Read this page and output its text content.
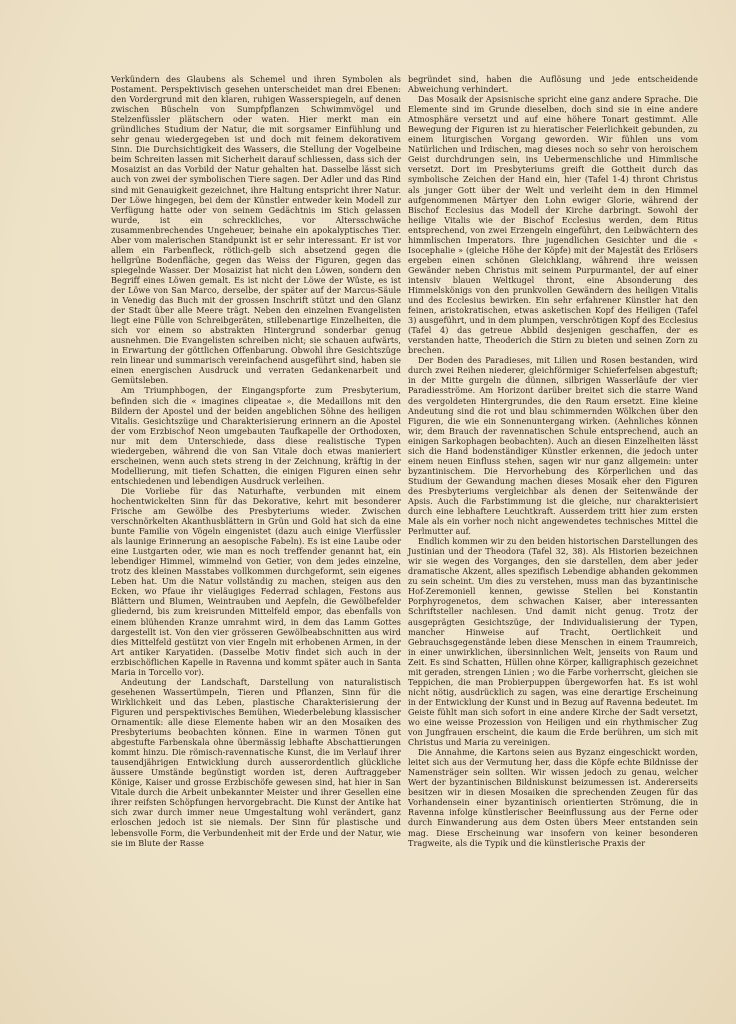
Verkündern des Glaubens als Schemel und ihren Symbolen als Postament. Perspektivisch gesehen unterscheidet man drei Ebenen: den Vordergrund mit den klaren, ruhigen Wasserspiegeln, auf denen zwischen Büscheln von Sumpfpflanzen Schwimmvögel und Stelzenfüssler plätschern oder waten. Hier merkt man ein gründliches Studium der Natur, die mit sorgsamer Einfühlung und sehr genau wiedergegeben ist und doch mit feinem dekorativem Sinn. Die Durchsichtigkeit des Wassers, die Stellung der Vogelbeine beim Schreiten lassen mit Sicherheit darauf schliessen, dass sich der Mosaizist an das Vorbild der Natur gehalten hat. Dasselbe lässt sich auch von zwei der symbolischen Tiere sagen. Der Adler und das Rind sind mit Genauigkeit gezeichnet, ihre Haltung entspricht ihrer Natur. Der Löwe hingegen, bei dem der Künstler entweder kein Modell zur Verfügung hatte oder von seinem Gedächtnis im Stich gelassen wurde, ist ein schreckliches, vor Altersschwäche zusammenbrechendes Ungeheuer, beinahe ein apokalyptisches Tier. Aber vom malerischen Standpunkt ist er sehr interessant. Er ist vor allem ein Farbenfleck, rötlich-gelb sich absetzend gegen die hellgrüne Bodenfläche, gegen das Weiss der Figuren, gegen das spiegelnde Wasser. Der Mosaizist hat nicht den Löwen, sondern den Begriff eines Löwen gemalt. Es ist nicht der Löwe der Wüste, es ist der Löwe von San Marco, derselbe, der später auf der Marcus-Säule in Venedig das Buch mit der grossen Inschrift stützt und den Glanz der Stadt über alle Meere trägt. Neben den einzelnen Evangelisten liegt eine Fülle von Schreibgeräten, stillebenartige Einzelheiten, die sich vor einem so abstrakten Hintergrund sonderbar genug ausnehmen. Die Evangelisten schreiben nicht; sie schauen aufwärts, in Erwartung der göttlichen Offenbarung. Obwohl ihre Gesichtszüge rein linear und summarisch vereinfachend ausgeführt sind, haben sie einen energischen Ausdruck und verraten Gedankenarbeit und Gemütsleben.

Am Triumphbogen, der Eingangspforte zum Presbyterium, befinden sich die « imagines clipeatae », die Medaillons mit den Bildern der Apostel und der beiden angeblichen Söhne des heiligen Vitalis. Gesichtszüge und Charakterisierung erinnern an die Apostel der vom Erzbischof Neon umgebauten Taufkapelle der Orthodoxen, nur mit dem Unterschiede, dass diese realistische Typen wiedergeben, während die von San Vitale doch etwas manieriert erscheinen, wenn auch stets streng in der Zeichnung, kräftig in der Modellierung, mit tiefen Schatten, die einigen Figuren einen sehr entschiedenen und lebendigen Ausdruck verleihen.

Die Vorliebe für das Naturhafte, verbunden mit einem hochentwickelten Sinn für das Dekorative, kehrt mit besonderer Frische am Gewölbe des Presbyteriums wieder. Zwischen verschnörkelten Akanthusblättern in Grün und Gold hat sich da eine bunte Familie von Vögeln eingenistet (dazu auch einige Vierfüssler als launige Erinnerung an aesopische Fabeln). Es ist eine Laube oder eine Lustgarten oder, wie man es noch treffender genannt hat, ein lebendiger Himmel, wimmelnd von Getier, von dem jedes einzelne, trotz des kleinen Masstabes vollkommen durchgeformt, sein eigenes Leben hat. Um die Natur vollständig zu machen, steigen aus den Ecken, wo Pfaue ihr vieläugiges Federrad schlagen, Festons aus Blättern und Blumen, Weintrauben und Aepfeln, die Gewölbefelder gliedernd, bis zum kreisrunden Mittelfeld empor, das ebenfalls von einem blühenden Kranze umrahmt wird, in dem das Lamm Gottes dargestellt ist. Von den vier grösseren Gewölbeabschnitten aus wird dies Mittelfeld gestützt von vier Engeln mit erhobenen Armen, in der Art antiker Karyatiden. (Dasselbe Motiv findet sich auch in der erzbischöflichen Kapelle in Ravenna und kommt später auch in Santa Maria in Torcello vor).

Andeutung der Landschaft, Darstellung von naturalistisch gesehenen Wassertümpeln, Tieren und Pflanzen, Sinn für die Wirklichkeit und das Leben, plastische Charakterisierung der Figuren und perspektivisches Bemühen, Wiederbelebung klassischer Ornamentik: alle diese Elemente haben wir an den Mosaiken des Presbyteriums beobachten können. Eine in warmen Tönen gut abgestufte Farbenskala ohne übermässig lebhafte Abschattierungen kommt hinzu. Die römisch-ravennatische Kunst, die im Verlauf ihrer tausendjährigen Entwicklung durch ausserordentlich glückliche äussere Umstände begünstigt worden ist, deren Auftraggeber Könige, Kaiser und grosse Erzbischöfe gewesen sind, hat hier in San Vitale durch die Arbeit unbekannter Meister und ihrer Gesellen eine ihrer reifsten Schöpfungen hervorgebracht. Die Kunst der Antike hat sich zwar durch immer neue Umgestaltung wohl verändert, ganz erloschen jedoch ist sie niemals. Der Sinn für plastische und lebensvolle Form, die Verbundenheit mit der Erde und der Natur, wie sie im Blute der Rasse

begründet sind, haben die Auflösung und jede entscheidende Abweichung verhindert.

Das Mosaik der Apsisnische spricht eine ganz andere Sprache. Die Elemente sind im Grunde dieselben, doch sind sie in eine andere Atmosphäre versetzt und auf eine höhere Tonart gestimmt. Alle Bewegung der Figuren ist zu hieratischer Feierlichkeit gebunden, zu einem liturgischen Vorgang geworden. Wir fühlen uns vom Natürlichen und Irdischen, mag dieses noch so sehr von heroischem Geist durchdrungen sein, ins Uebermenschliche und Himmlische versetzt. Dort im Presbyteriums greift die Gottheit durch das symbolische Zeichen der Hand ein, hier (Tafel 1-4) thront Christus als junger Gott über der Welt und verleiht dem in den Himmel aufgenommenen Märtyer den Lohn ewiger Glorie, während der Bischof Ecclesius das Modell der Kirche darbringt. Sowohl der heilige Vitalis wie der Bischof Ecclesius werden, dem Ritus entsprechend, von zwei Erzengeln eingeführt, den Leibwächtern des himmlischen Imperators. Ihre jugendlichen Gesichter und die « Isocephalie » (gleiche Höhe der Köpfe) mit der Majestät des Erlösers ergeben einen schönen Gleichklang, während ihre weissen Gewänder neben Christus mit seinem Purpurmantel, der auf einer intensiv blauen Weltkugel thront, eine Absonderung des Himmelskönigs von den prunkvollen Gewändern des heiligen Vitalis und des Ecclesius bewirken. Ein sehr erfahrener Künstler hat den feinen, aristokratischen, etwas asketischen Kopf des Heiligen (Tafel 3) ausgeführt, und in dem plumpen, verschrötigen Kopf des Ecclesius (Tafel 4) das getreue Abbild desjenigen geschaffen, der es verstanden hatte, Theoderich die Stirn zu bieten und seinen Zorn zu brechen.

Der Boden des Paradieses, mit Lilien und Rosen bestanden, wird durch zwei Reihen niederer, gleichförmiger Schieferfelsen abgestuft; in der Mitte gurgeln die dünnen, silbrigen Wasserläufe der vier Paradiesströme. Am Horizont darüber breitet sich die starre Wand des vergoldeten Hintergrundes, die den Raum ersetzt. Eine kleine Andeutung sind die rot und blau schimmernden Wölkchen über den Figuren, die wie ein Sonnenuntergang wirken. (Aehnliches können wir, dem Brauch der ravennatischen Schule entsprechend, auch an einigen Sarkophagen beobachten). Auch an diesen Einzelheiten lässt sich die Hand bodenständiger Künstler erkennen, die jedoch unter einem neuen Einfluss stehen, sagen wir nur ganz allgemein: unter byzantinischem. Die Hervorhebung des Körperlichen und das Studium der Gewandung machen dieses Mosaik eher den Figuren des Presbyteriums vergleichbar als denen der Seitenwände der Apsis. Auch die Farbstimmung ist die gleiche, nur charakterisiert durch eine lebhaftere Leuchtkraft. Ausserdem tritt hier zum ersten Male als ein vorher noch nicht angewendetes technisches Mittel die Perlmutter auf.

Endlich kommen wir zu den beiden historischen Darstellungen des Justinian und der Theodora (Tafel 32, 38). Als Historien bezeichnen wir sie wegen des Vorganges, den sie darstellen, dem aber jeder dramatische Akzent, alles spezifisch Lebendige abhanden gekommen zu sein scheint. Um dies zu verstehen, muss man das byzantinische Hof-Zeremoniell kennen, gewisse Stellen bei Konstantin Porphyrogenetos, dem schwachen Kaiser, aber interessanten Schriftsteller nachlesen. Und damit nicht genug. Trotz der ausgeprägten Gesichtszüge, der Individualisierung der Typen, mancher Hinweise auf Tracht, Oertlichkeit und Gebrauchsgegenstände leben diese Menschen in einem Traumreich, in einer unwirklichen, übersinnlichen Welt, jenseits von Raum und Zeit. Es sind Schatten, Hüllen ohne Körper, kalligraphisch gezeichnet mit geraden, strengen Linien ; wo die Farbe vorherrscht, gleichen sie Teppichen, die man Probierpuppen übergeworfen hat. Es ist wohl nicht nötig, ausdrücklich zu sagen, was eine derartige Erscheinung in der Entwicklung der Kunst und in Bezug auf Ravenna bedeutet. Im Geiste fühlt man sich sofort in eine andere Kirche der Sadt versetzt, wo eine weisse Prozession von Heiligen und ein rhythmischer Zug von Jungfrauen erscheint, die kaum die Erde berühren, um sich mit Christus und Maria zu vereinigen.

Die Annahme, die Kartons seien aus Byzanz eingeschickt worden, leitet sich aus der Vermutung her, dass die Köpfe echte Bildnisse der Namensträger sein sollten. Wir wissen jedoch zu genau, welcher Wert der byzantinischen Bildniskunst beizumessen ist. Andererseits besitzen wir in diesen Mosaiken die sprechenden Zeugen für das Vorhandensein einer byzantinisch orientierten Strömung, die in Ravenna infolge künstlerischer Beeinflussung aus der Ferne oder durch Einwanderung aus dem Osten übers Meer entstanden sein mag. Diese Erscheinung war insofern von keiner besonderen Tragweite, als die Typik und die künstlerische Praxis der
